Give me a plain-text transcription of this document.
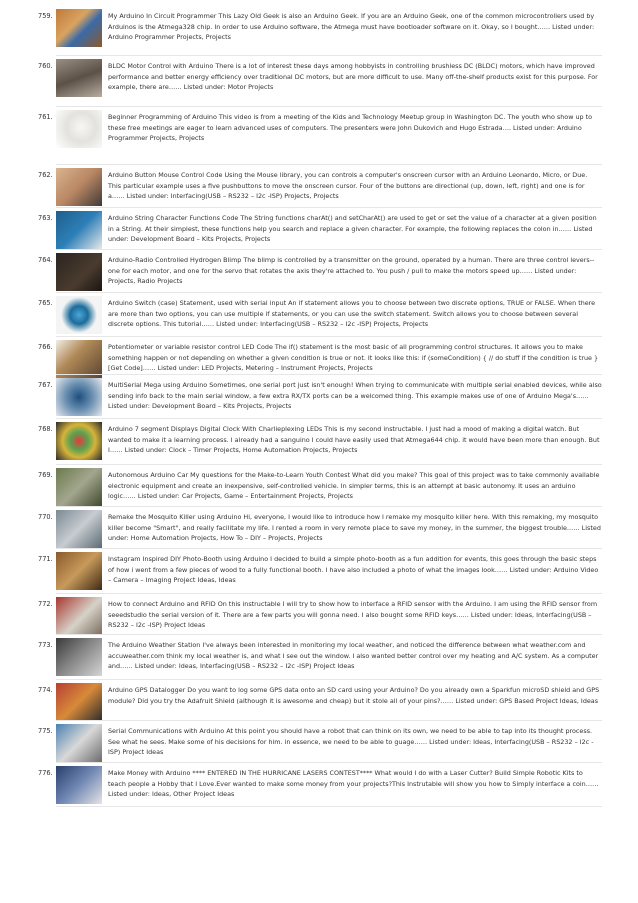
759.	My Arduino In Circuit Programmer This Lazy Old Geek is also an Arduino Geek. If you are an Arduino Geek, one of the common microcontrollers used by Arduinos is the Atmega328 chip. In order to use Arduino software, the Atmega must have bootloader software on it. Okay, so I bought…… Listed under: Arduino Programmer Projects, Projects
760.	BLDC Motor Control with Arduino There is a lot of interest these days among hobbyists in controlling brushless DC (BLDC) motors, which have improved performance and better energy efficiency over traditional DC motors, but are more difficult to use. Many off-the-shelf products exist for this purpose. For example, there are…… Listed under: Motor Projects
761.	Beginner Programming of Arduino This video is from a meeting of the Kids and Technology Meetup group in Washington DC. The youth who show up to these free meetings are eager to learn advanced uses of computers. The presenters were John Dukovich and Hugo Estrada…. Listed under: Arduino Programmer Projects, Projects
762.	Arduino Button Mouse Control Code Using the Mouse library, you can controls a computer's onscreen cursor with an Arduino Leonardo, Micro, or Due. This particular example uses a five pushbuttons to move the onscreen cursor. Four of the buttons are directional (up, down, left, right) and one is for a…… Listed under: Interfacing(USB – RS232 – I2c -ISP) Projects, Projects
763.	Arduino String Character Functions Code The String functions charAt() and setCharAt() are used to get or set the value of a character at a given position in a String. At their simplest, these functions help you search and replace a given character. For example, the following replaces the colon in…… Listed under: Development Board – Kits Projects, Projects
764.	Arduino-Radio Controlled Hydrogen Blimp The blimp is controlled by a transmitter on the ground, operated by a human. There are three control levers--one for each motor, and one for the servo that rotates the axis they're attached to. You push / pull to make the motors speed up…… Listed under: Projects, Radio Projects
765.	Arduino Switch (case) Statement, used with serial input An if statement allows you to choose between two discrete options, TRUE or FALSE. When there are more than two options, you can use multiple if statements, or you can use the switch statement. Switch allows you to choose between several discrete options. This tutorial…… Listed under: Interfacing(USB – RS232 – I2c -ISP) Projects, Projects
766.	Potentiometer or variable resistor control LED Code The if() statement is the most basic of all programming control structures. It allows you to make something happen or not depending on whether a given condition is true or not. It looks like this: if (someCondition) { // do stuff if the condition is true } [Get Code]…… Listed under: LED Projects, Metering – Instrument Projects, Projects
767.	MultiSerial Mega using Arduino Sometimes, one serial port just isn't enough! When trying to communicate with multiple serial enabled devices, while also sending info back to the main serial window, a few extra RX/TX ports can be a welcomed thing. This example makes use of one of Arduino Mega's…… Listed under: Development Board – Kits Projects, Projects
768.	Arduino 7 segment Displays Digital Clock With Charlieplexing LEDs This is my second instructable. I just had a mood of making a digital watch. But wanted to make it a learning process. I already had a sanguino I could have easily used that Atmega644 chip. it would have been more than enough. But I…… Listed under: Clock – Timer Projects, Home Automation Projects, Projects
769.	Autonomous Arduino Car My questions for the Make-to-Learn Youth Contest What did you make? This goal of this project was to take commonly available electronic equipment and create an inexpensive, self-controlled vehicle. In simpler terms, this is an attempt at basic autonomy. It uses an arduino logic…… Listed under: Car Projects, Game – Entertainment Projects, Projects
770.	Remake the Mosquito Killer using Arduino Hi, everyone, I would like to introduce how I remake my mosquito killer here. With this remaking, my mosquito killer become "Smart", and really facilitate my life. I rented a room in very remote place to save my money, in the summer, the biggest trouble…… Listed under: Home Automation Projects, How To – DIY – Projects, Projects
771.	Instagram Inspired DIY Photo-Booth using Arduino I decided to build a simple photo-booth as a fun addition for events, this goes through the basic steps of how i went from a few pieces of wood to a fully functional booth. I have also included a photo of what the images look…… Listed under: Arduino Video – Camera – Imaging Project Ideas, Ideas
772.	How to connect Arduino and RFID On this instructable I will try to show how to interface a RFID sensor with the Arduino. I am using the RFID sensor from seeedstudio the serial version of it. There are a few parts you will gonna need. I also bought some RFID keys…… Listed under: Ideas, Interfacing(USB – RS232 – I2c -ISP) Project Ideas
773.	The Arduino Weather Station I've always been interested in monitoring my local weather, and noticed the difference between what weather.com and accuweather.com think my local weather is, and what I see out the window. I also wanted better control over my heating and A/C system. As a computer and…… Listed under: Ideas, Interfacing(USB – RS232 – I2c -ISP) Project Ideas
774.	Arduino GPS Datalogger Do you want to log some GPS data onto an SD card using your Arduino? Do you already own a Sparkfun microSD shield and GPS module? Did you try the Adafruit Shield (although it is awesome and cheap) but it stole all of your pins?…… Listed under: GPS Based Project Ideas, Ideas
775.	Serial Communications with Arduino At this point you should have a robot that can think on its own, we need to be able to tap into its thought process. See what he sees. Make some of his decisions for him. in essence, we need to be able to guage…… Listed under: Ideas, Interfacing(USB – RS232 – I2c -ISP) Project Ideas
776.	Make Money with Arduino **** ENTERED IN THE HURRICANE LASERS CONTEST**** What would I do with a Laser Cutter? Build Simple Robotic Kits to teach people a Hobby that I Love.Ever wanted to make some money from your projects?This Instrutable will show you how to Simply interface a coin…… Listed under: Ideas, Other Project Ideas
